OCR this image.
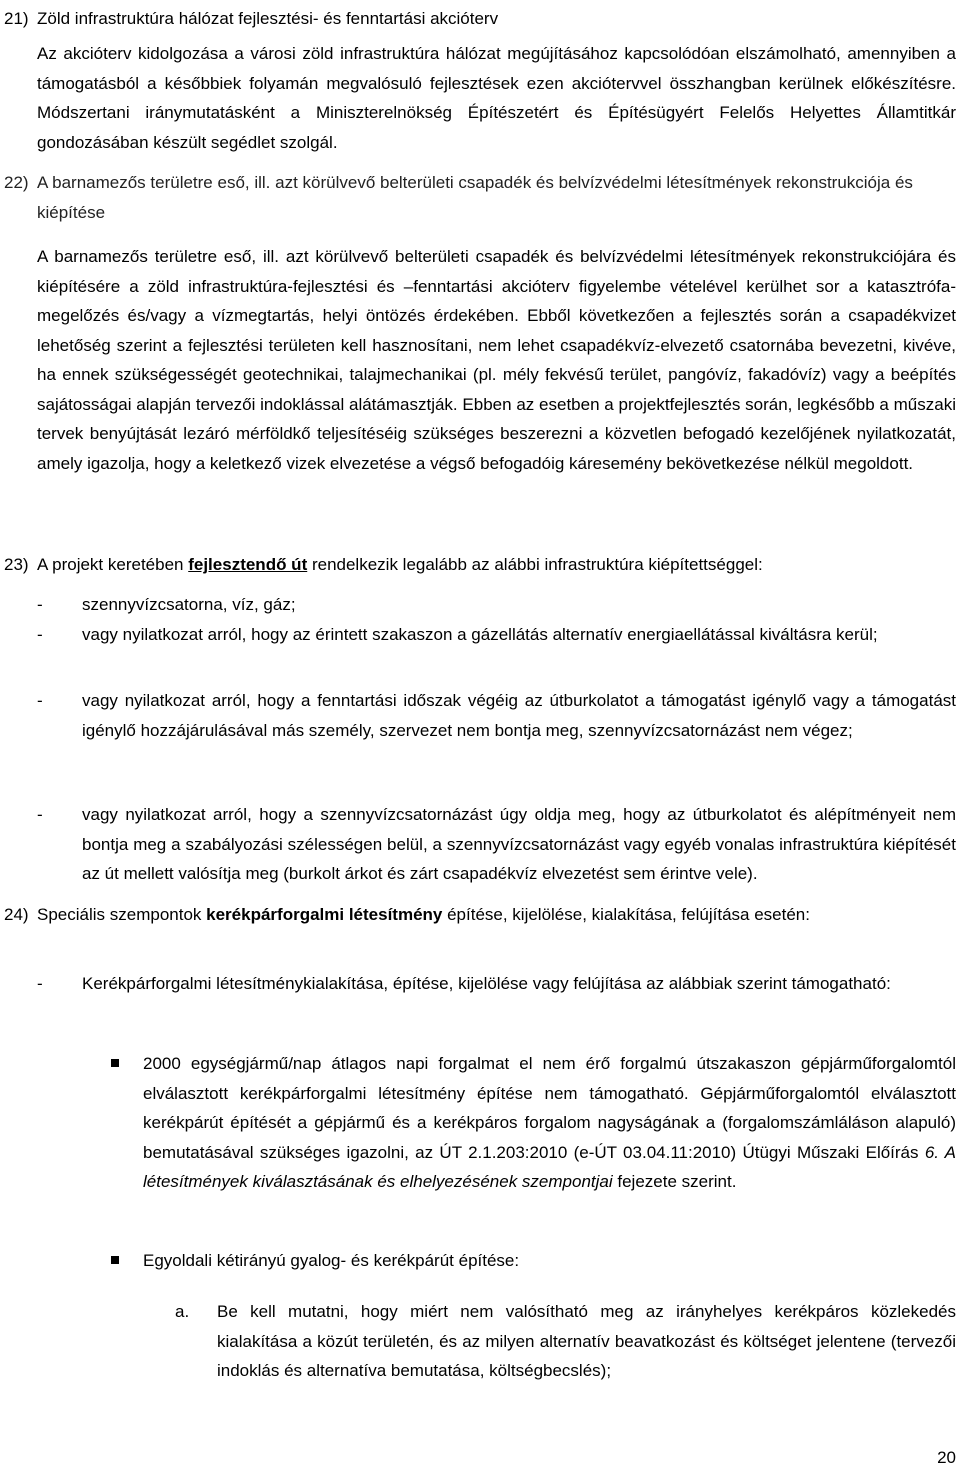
21) Zöld infrastruktúra hálózat fejlesztési- és fenntartási akcióterv
Az akcióterv kidolgozása a városi zöld infrastruktúra hálózat megújításához kapcsolódóan elszámolható, amennyiben a támogatásból a későbbiek folyamán megvalósuló fejlesztések ezen akciótervvel összhangban kerülnek előkészítésre. Módszertani iránymutatásként a Miniszterelnökség Építészetért és Építésügyért Felelős Helyettes Államtitkár gondozásában készült segédlet szolgál.
22) A barnamezős területre eső, ill. azt körülvevő belterületi csapadék és belvízvédelmi létesítmények rekonstrukciója és kiépítése
A barnamezős területre eső, ill. azt körülvevő belterületi csapadék és belvízvédelmi létesítmények rekonstrukciójára és kiépítésére a zöld infrastruktúra-fejlesztési és –fenntartási akcióterv figyelembe vételével kerülhet sor a katasztrófa-megelőzés és/vagy a vízmegtartás, helyi öntözés érdekében. Ebből következően a fejlesztés során a csapadékvizet lehetőség szerint a fejlesztési területen kell hasznosítani, nem lehet csapadékvíz-elvezető csatornába bevezetni, kivéve, ha ennek szükségességét geotechnikai, talajmechanikai (pl. mély fekvésű terület, pangóvíz, fakadóvíz) vagy a beépítés sajátosságai alapján tervezői indoklással alátámasztják. Ebben az esetben a projektfejlesztés során, legkésőbb a műszaki tervek benyújtását lezáró mérföldkő teljesítéséig szükséges beszerezni a közvetlen befogadó kezelőjének nyilatkozatát, amely igazolja, hogy a keletkező vizek elvezetése a végső befogadóig káresemény bekövetkezése nélkül megoldott.
23) A projekt keretében fejlesztendő út rendelkezik legalább az alábbi infrastruktúra kiépítettséggel:
-	szennyvízcsatorna, víz, gáz;
-	vagy nyilatkozat arról, hogy az érintett szakaszon a gázellátás alternatív energiaellátással kiváltásra kerül;
-	vagy nyilatkozat arról, hogy a fenntartási időszak végéig az útburkolatot a támogatást igénylő vagy a támogatást igénylő hozzájárulásával más személy, szervezet nem bontja meg, szennyvízcsatornázást nem végez;
-	vagy nyilatkozat arról, hogy a szennyvízcsatornázást úgy oldja meg, hogy az útburkolatot és alépítményeit nem bontja meg a szabályozási szélességen belül, a szennyvízcsatornázást vagy egyéb vonalas infrastruktúra kiépítését az út mellett valósítja meg (burkolt árkot és zárt csapadékvíz elvezetést sem érintve vele).
24) Speciális szempontok kerékpárforgalmi létesítmény építése, kijelölése, kialakítása, felújítása esetén:
-	Kerékpárforgalmi létesítménykialakítása, építése, kijelölése vagy felújítása az alábbiak szerint támogatható:
2000 egységjármű/nap átlagos napi forgalmat el nem érő forgalmú útszakaszon gépjárműforgalomtól elválasztott kerékpárforgalmi létesítmény építése nem támogatható. Gépjárműforgalomtól elválasztott kerékpárút építését a gépjármű és a kerékpáros forgalom nagyságának a (forgalomszámláláson alapuló) bemutatásával szükséges igazolni, az ÚT 2.1.203:2010 (e-ÚT 03.04.11:2010) Útügyi Műszaki Előírás 6. A létesítmények kiválasztásának és elhelyezésének szempontjai fejezete szerint.
Egyoldali kétirányú gyalog- és kerékpárút építése:
a.	Be kell mutatni, hogy miért nem valósítható meg az irányhelyes kerékpáros közlekedés kialakítása a közút területén, és az milyen alternatív beavatkozást és költséget jelentene (tervezői indoklás és alternatíva bemutatása, költségbecslés);
20
